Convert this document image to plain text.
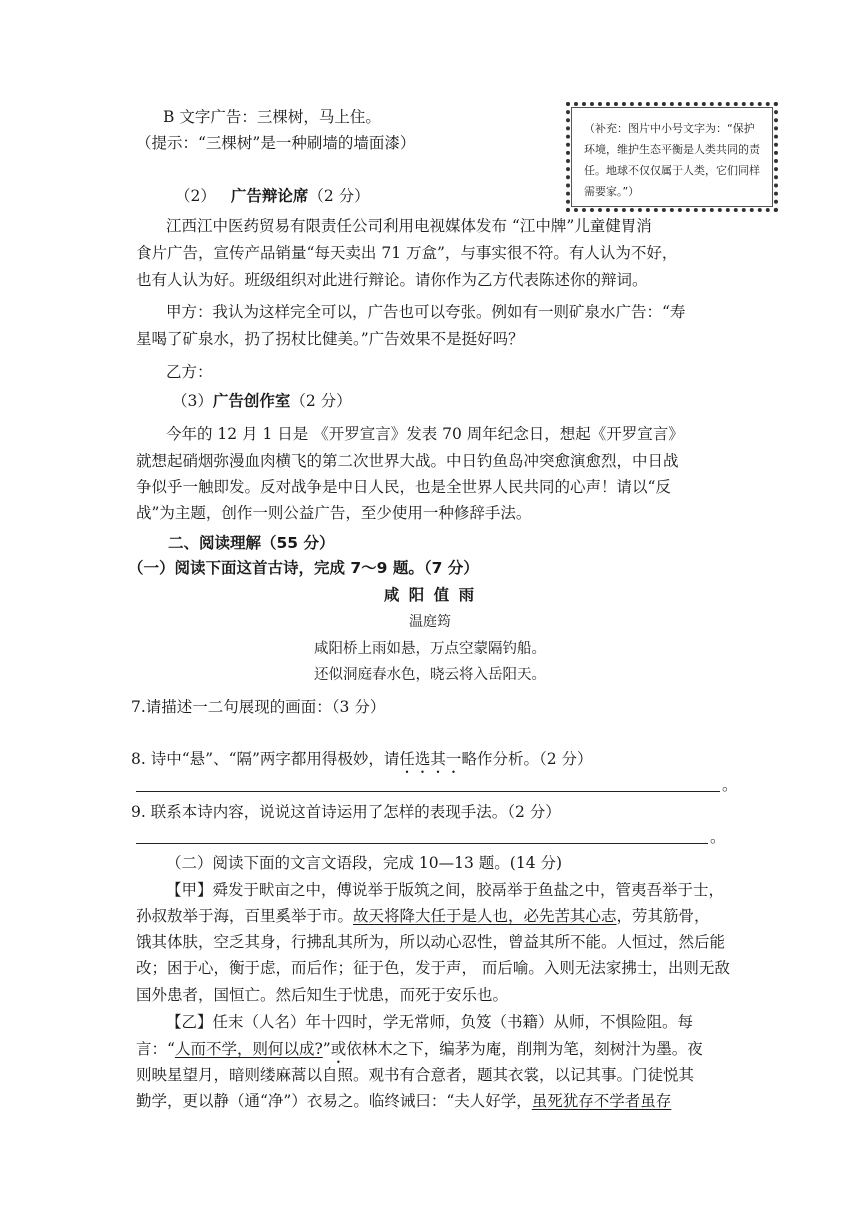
B 文字广告：三棵树，马上住。
（提示：“三棵树”是一种刷墙的墙面漆）
（补充：图片中小号文字为：“保护环境，维护生态平衡是人类共同的责任。地球不仅仅属于人类，它们同样需要家。”）
（2） 广告辩论席（2 分）
江西江中医药贸易有限责任公司利用电视媒体发布 “江中牌”儿童健胃消
食片广告，宣传产品销量“每天卖出 71 万盒”，与事实很不符。有人认为不好，
也有人认为好。班级组织对此进行辩论。请你作为乙方代表陈述你的辩词。
甲方：我认为这样完全可以，广告也可以夸张。例如有一则矿泉水广告：“寿
星喝了矿泉水，扔了拐杖比健美。”广告效果不是挺好吗？
乙方：
（3）广告创作室（2 分）
今年的 12 月 1 日是 《开罗宣言》发表 70 周年纪念日，想起《开罗宣言》
就想起硝烟弥漫血肉横飞的第二次世界大战。中日钓鱼岛冲突愈演愈烈，中日战
争似乎一触即发。反对战争是中日人民，也是全世界人民共同的心声！请以“反
战”为主题，创作一则公益广告，至少使用一种修辞手法。
二、阅读理解（55 分）
（一）阅读下面这首古诗，完成 7～9 题。（7 分）
咸 阳 值 雨
温庭筠
咸阳桥上雨如悬，万点空蒙隔钓船。
还似洞庭春水色，晓云将入岳阳天。
7.请描述一二句展现的画面：（3 分）
8. 诗中“悬”、“隔”两字都用得极妙，请任选其一略作分析。（2 分）
。
9. 联系本诗内容，说说这首诗运用了怎样的表现手法。（2 分）
。
（二）阅读下面的文言文语段，完成 10—13 题。(14 分)
【甲】舜发于畎亩之中，傅说举于版筑之间，胶鬲举于鱼盐之中，管夷吾举于士，
孙叔敖举于海，百里奚举于市。故天将降大任于是人也，必先苦其心志，劳其筋骨，
饿其体肤，空乏其身，行拂乱其所为，所以动心忍性，曾益其所不能。人恒过，然后能
改；困于心，衡于虑，而后作；征于色，发于声， 而后喻。入则无法家拂士，出则无敌
国外患者，国恒亡。然后知生于忧患，而死于安乐也。
【乙】任末（人名）年十四时，学无常师，负笈（书籍）从师，不惧险阻。每
言：“人而不学，则何以成?”或依林木之下，编茅为庵，削荆为笔，刻树汁为墨。夜
则映星望月，暗则缕麻蒿以自照。观书有合意者，题其衣裳，以记其事。门徒悦其
勤学，更以静（通“净”）衣易之。临终诫曰：“夫人好学，虽死犹存不学者虽存
